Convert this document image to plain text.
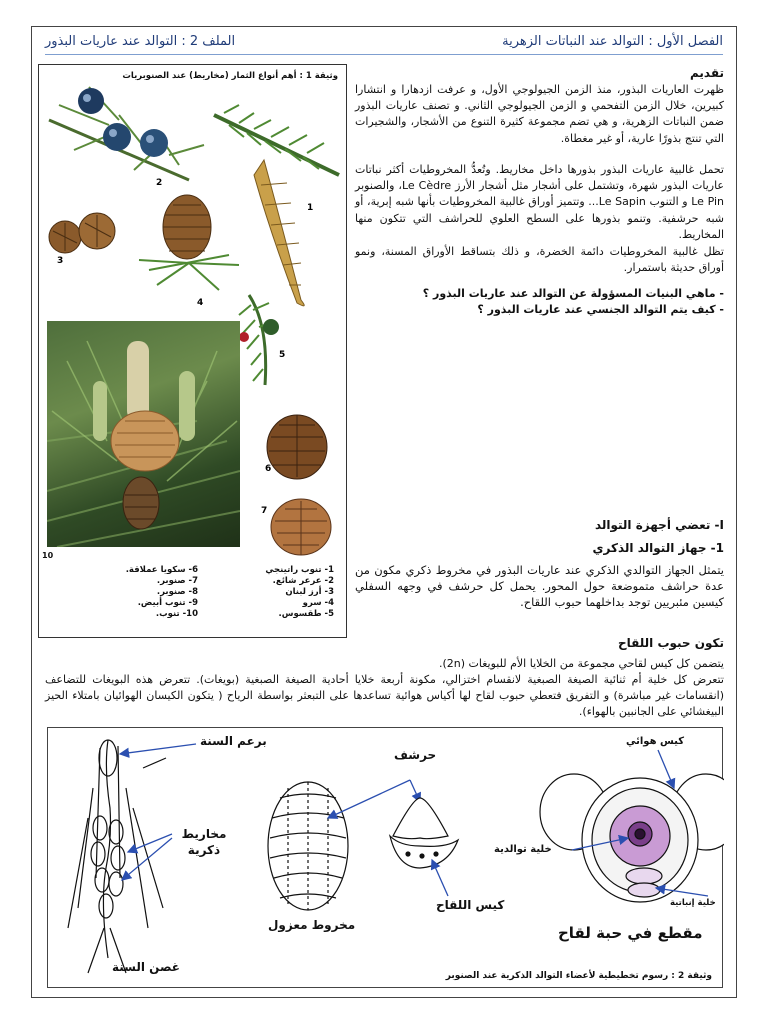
الملف 2 : التوالد عند عاريات البذور	الفصل الأول : التوالد عند النباتات الزهرية
وثيقة 1 : أهم أنواع الثمار (مخاريط) عند الصنوبريات
2
1
3
4
5
6
7
10
1- تنوب راتينجي
2- عرعر شائع.
3- أرز لبنان
4- سرو
5- طقسوس.
6- سكويا عملاقة.
7- صنوبر.
8- صنوبر.
9- تنوب أبيض.
10- تنوب.
تقديم
ظهرت العاريات البذور، منذ الزمن الجيولوجي الأول، و عرفت ازدهارا و انتشارا كبيرين، خلال الزمن التفحمي و الزمن الجيولوجي الثاني. و تصنف عاريات البذور ضمن النباتات الزهرية، و هي تضم مجموعة كثيرة التنوع من الأشجار، والشجيرات التي تنتج بذورًا عارية، أو غير مغطاة.
تحمل غالبية عاريات البذور بذورها داخل مخاريط. وتُعدُّ المخروطيات أكثر نباتات عاريات البذور شهرة، وتشتمل على أشجار مثل أشجار الأرز Le Cèdre، والصنوبر Le Pin و التنوب Le Sapin... وتتميز أوراق غالبية المخروطيات بأنها شبه إبرية، أو شبه حرشفية. وتنمو بذورها على السطح العلوي للحراشف التي تتكون منها المخاريط.
تظل غالبية المخروطيات دائمة الخضرة، و ذلك بتساقط الأوراق المسنة، ونمو أوراق حديثة باستمرار.
- ماهي البنيات المسؤولة عن التوالد عند عاريات البذور ؟
- كيف يتم التوالد الجنسي عند عاريات البذور ؟
I- تعضي أجهزة التوالد
1- جهاز التوالد الذكري
يتمثل الجهاز التوالدي الذكري عند عاريات البذور في مخروط ذكري مكون من عدة حراشف متموضعة حول المحور. يحمل كل حرشف في وجهه السفلي كيسين مئبريين توجد بداخلهما حبوب اللقاح.
تكون حبوب اللقاح
يتضمن كل كيس لقاحي مجموعة من الخلايا الأم للبويغات (2n).
تتعرض كل خلية أم ثنائية الصيغة الصبغية لانقسام اختزالي، مكونة أربعة خلايا أحادية الصيغة الصبغية (بويغات). تتعرض هذه البويغات للتضاعف (انقسامات غير مباشرة) و التفريق فتعطي حبوب لقاح لها أكياس هوائية تساعدها على التبعثر بواسطة الرياح ( يتكون الكيسان الهوائيان بامتلاء الحيز البيغشائي على الجانبين بالهواء).
برعم السنة
مخاريط ذكرية
غصن السنة
حرشف
مخروط معزول
كيس اللقاح
كيس هوائي
خلية توالدية
خلية إنباتية
مقطع في حبة لقاح
وثيقة 2 : رسوم تخطيطية لأعضاء التوالد الذكرية عند الصنوبر
